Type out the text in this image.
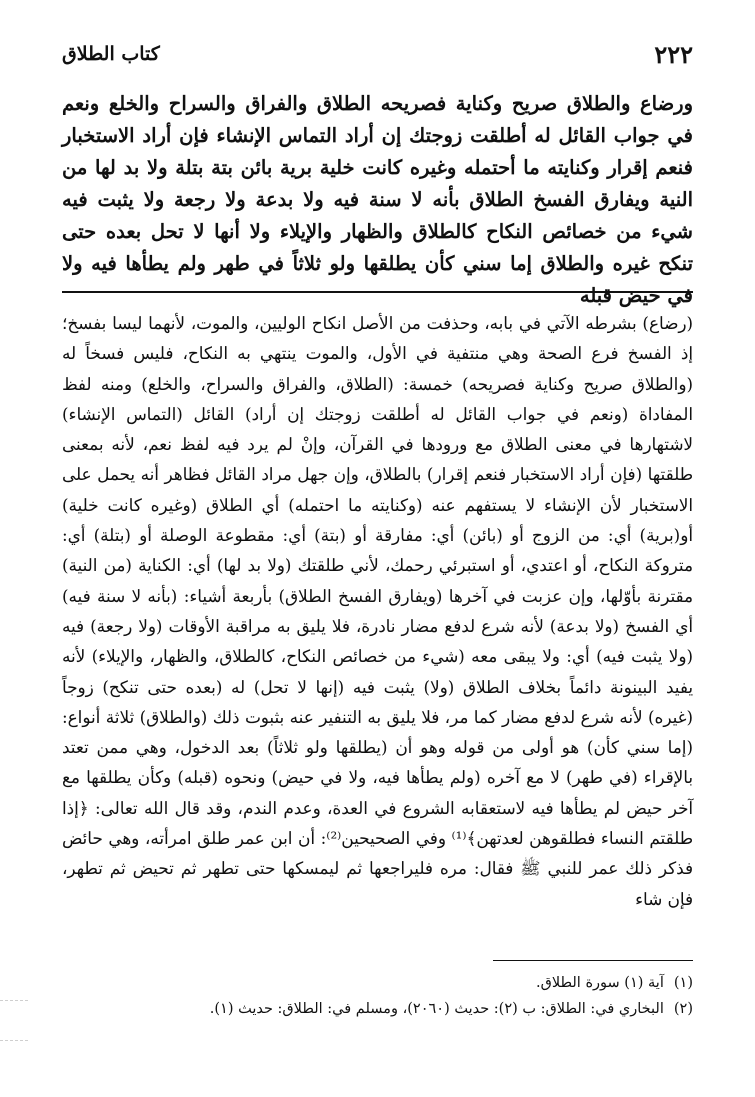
٢٢٢
كتاب الطلاق

ورضاع والطلاق صريح وكناية فصريحه الطلاق والفراق والسراح والخلع ونعم في جواب القائل له أطلقت زوجتك إن أراد التماس الإنشاء فإن أراد الاستخبار فنعم إقرار وكنايته ما أحتمله وغيره كانت خلية برية بائن بتة بتلة ولا بد لها من النية ويفارق الفسخ الطلاق بأنه لا سنة فيه ولا بدعة ولا رجعة ولا يثبت فيه شيء من خصائص النكاح كالطلاق والظهار والإيلاء ولا أنها لا تحل بعده حتى تنكح غيره والطلاق إما سني كأن يطلقها ولو ثلاثاً في طهر ولم يطأها فيه ولا في حيض قبله

(رضاع) بشرطه الآتي في بابه، وحذفت من الأصل انكاح الوليين، والموت، لأنهما ليسا بفسخ؛ إذ الفسخ فرع الصحة وهي منتفية في الأول، والموت ينتهي به النكاح، فليس فسخاً له (والطلاق صريح وكناية فصريحه) خمسة: (الطلاق، والفراق والسراح، والخلع) ومنه لفظ المفاداة (ونعم في جواب القائل له أطلقت زوجتك إن أراد) القائل (التماس الإنشاء) لاشتهارها في معنى الطلاق مع ورودها في القرآن، وإنْ لم يرد فيه لفظ نعم، لأنه بمعنى طلقتها (فإن أراد الاستخبار فنعم إقرار) بالطلاق، وإن جهل مراد القائل فظاهر أنه يحمل على الاستخبار لأن الإنشاء لا يستفهم عنه (وكنايته ما احتمله) أي الطلاق (وغيره كانت خلية) أو(برية) أي: من الزوج أو (بائن) أي: مفارقة أو (بتة) أي: مقطوعة الوصلة أو (بتلة) أي: متروكة النكاح، أو اعتدي، أو استبرئي رحمك، لأني طلقتك (ولا بد لها) أي: الكناية (من النية) مقترنة بأوّلها، وإن عزبت في آخرها (ويفارق الفسخ الطلاق) بأربعة أشياء: (بأنه لا سنة فيه) أي الفسخ (ولا بدعة) لأنه شرع لدفع مضار نادرة، فلا يليق به مراقبة الأوقات (ولا رجعة) فيه (ولا يثبت فيه) أي: ولا يبقى معه (شيء من خصائص النكاح، كالطلاق، والظهار، والإيلاء) لأنه يفيد البينونة دائماً بخلاف الطلاق (ولا) يثبت فيه (إنها لا تحل) له (بعده حتى تنكح) زوجاً (غيره) لأنه شرع لدفع مضار كما مر، فلا يليق به التنفير عنه بثبوت ذلك (والطلاق) ثلاثة أنواع: (إما سني كأن) هو أولى من قوله وهو أن (يطلقها ولو ثلاثاً) بعد الدخول، وهي ممن تعتد بالإقراء (في طهر) لا مع آخره (ولم يطأها فيه، ولا في حيض) ونحوه (قبله) وكأن يطلقها مع آخر حيض لم يطأها فيه لاستعقابه الشروع في العدة، وعدم الندم، وقد قال الله تعالى: ﴿إذا طلقتم النساء فطلقوهن لعدتهن﴾⁽¹⁾ وفي الصحيحين⁽²⁾: أن ابن عمر طلق امرأته، وهي حائض فذكر ذلك عمر للنبي ﷺ فقال: مره فليراجعها ثم ليمسكها حتى تطهر ثم تحيض ثم تطهر، فإن شاء

(١)
آية (١) سورة الطلاق.
(٢)
البخاري في: الطلاق: ب (٢): حديث (٢٠٦٠)، ومسلم في: الطلاق: حديث (١).
